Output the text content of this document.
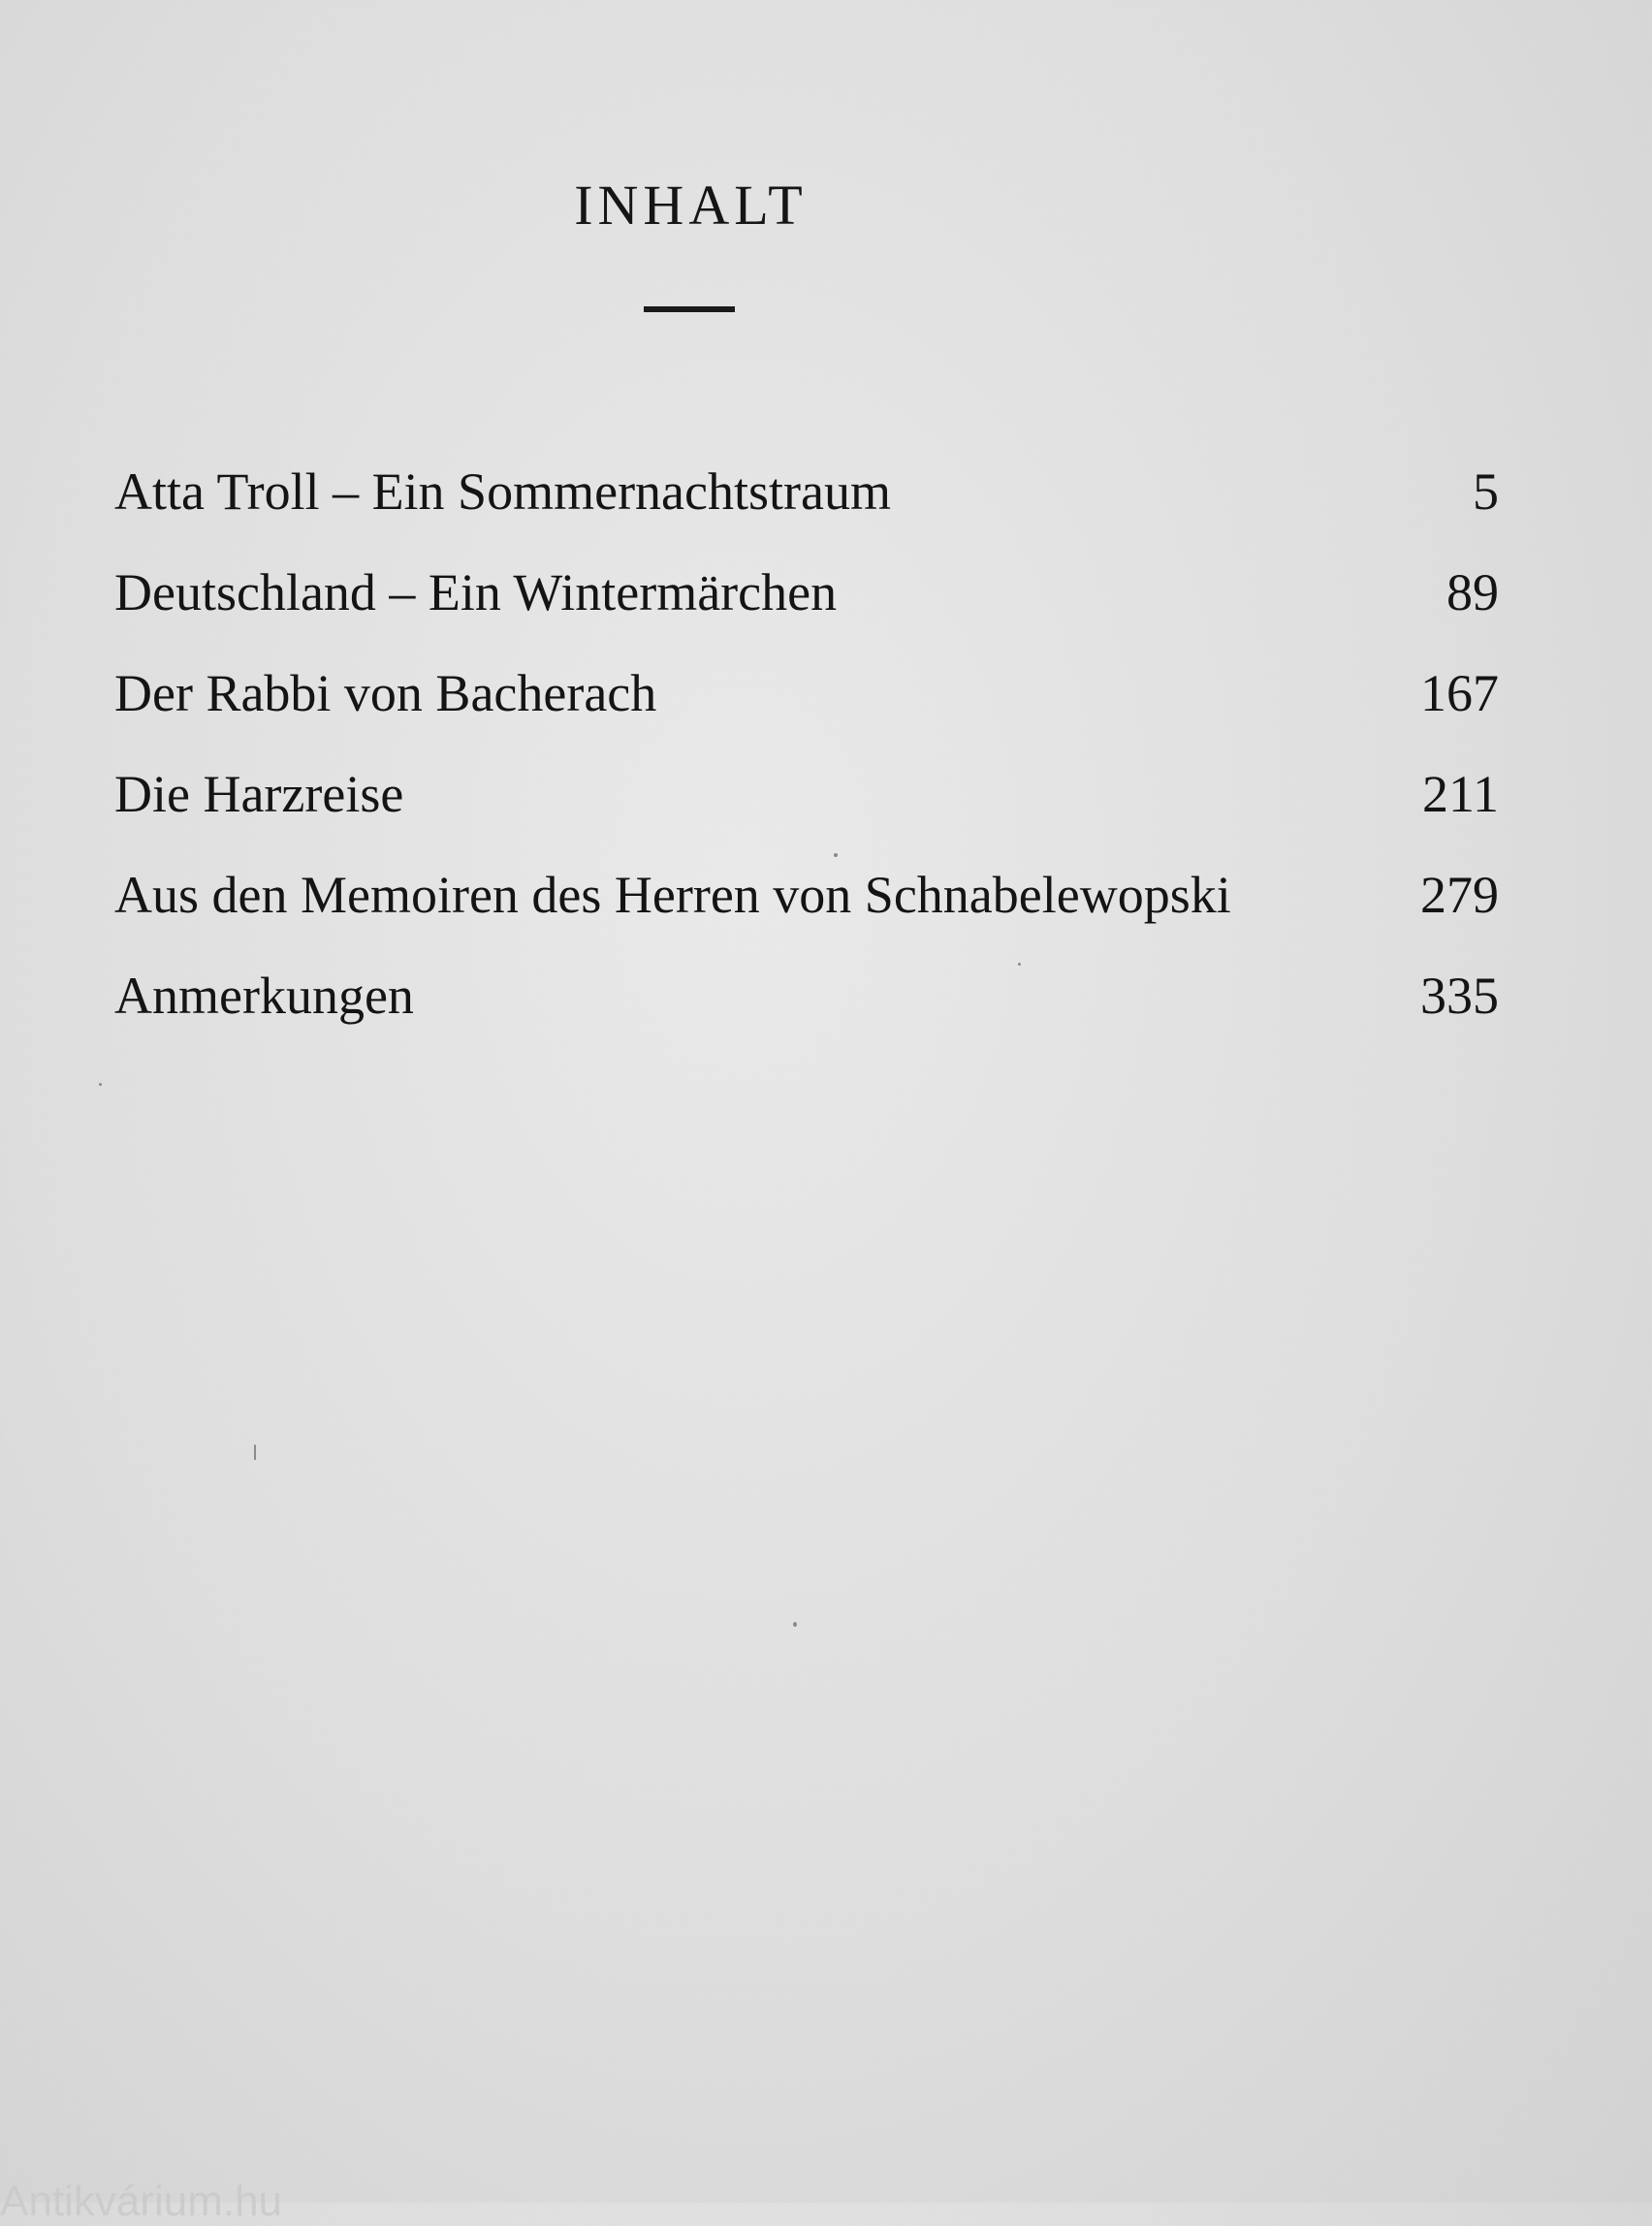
INHALT
Atta Troll – Ein Sommernachtstraum	5
Deutschland – Ein Wintermärchen	89
Der Rabbi von Bacherach	167
Die Harzreise	211
Aus den Memoiren des Herren von Schnabelewopski	279
Anmerkungen	335
Antikvárium.hu
